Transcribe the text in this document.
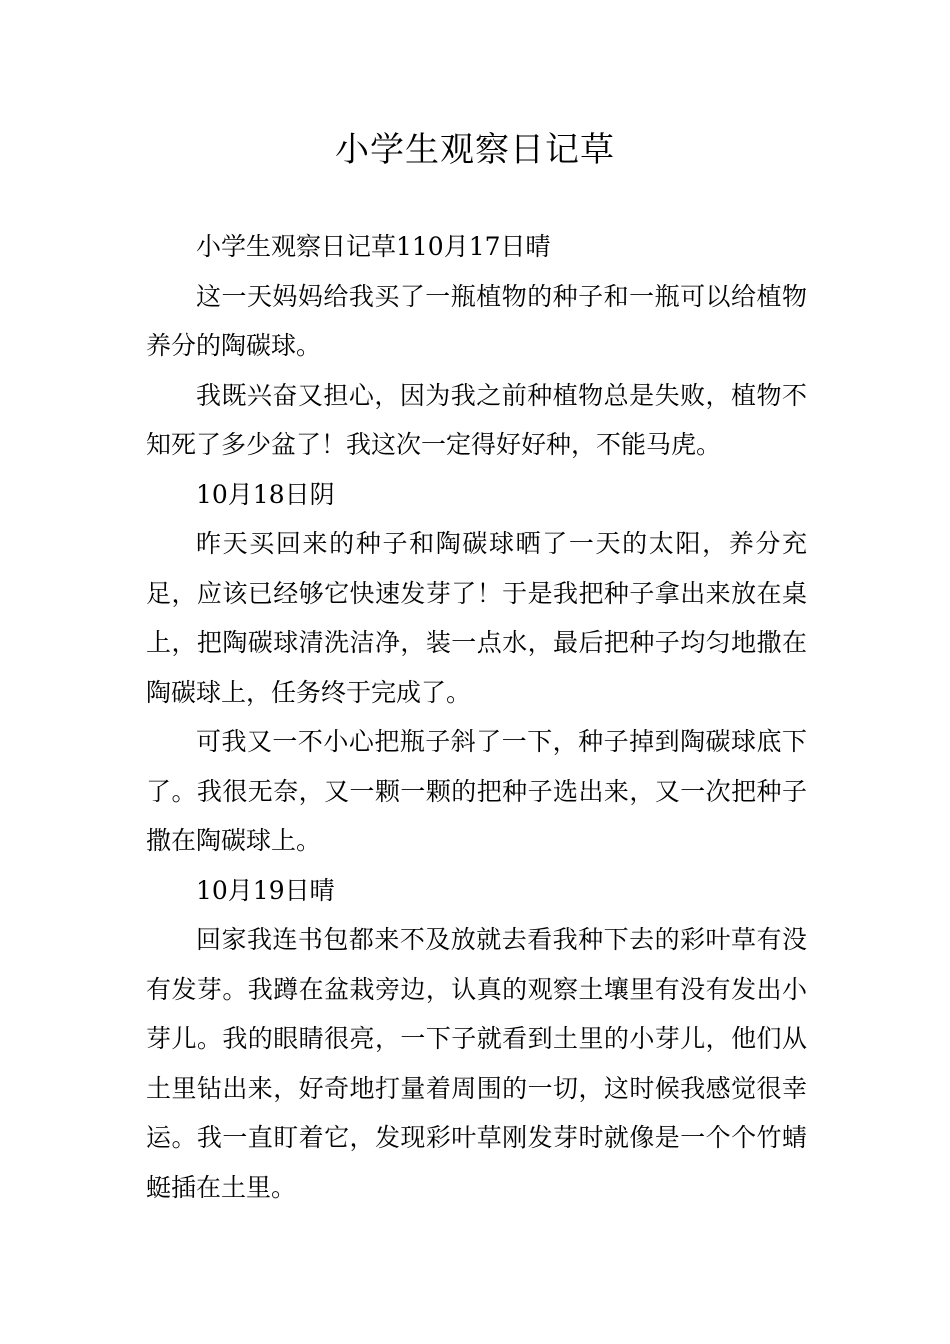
小学生观察日记草

小学生观察日记草110月17日晴

这一天妈妈给我买了一瓶植物的种子和一瓶可以给植物养分的陶碳球。

我既兴奋又担心，因为我之前种植物总是失败，植物不知死了多少盆了！我这次一定得好好种，不能马虎。

10月18日阴

昨天买回来的种子和陶碳球晒了一天的太阳，养分充足，应该已经够它快速发芽了！于是我把种子拿出来放在桌上，把陶碳球清洗洁净，装一点水，最后把种子均匀地撒在陶碳球上，任务终于完成了。

可我又一不小心把瓶子斜了一下，种子掉到陶碳球底下了。我很无奈，又一颗一颗的把种子选出来，又一次把种子撒在陶碳球上。

10月19日晴

回家我连书包都来不及放就去看我种下去的彩叶草有没有发芽。我蹲在盆栽旁边，认真的观察土壤里有没有发出小芽儿。我的眼睛很亮，一下子就看到土里的小芽儿，他们从土里钻出来，好奇地打量着周围的一切，这时候我感觉很幸运。我一直盯着它，发现彩叶草刚发芽时就像是一个个竹蜻蜓插在土里。
